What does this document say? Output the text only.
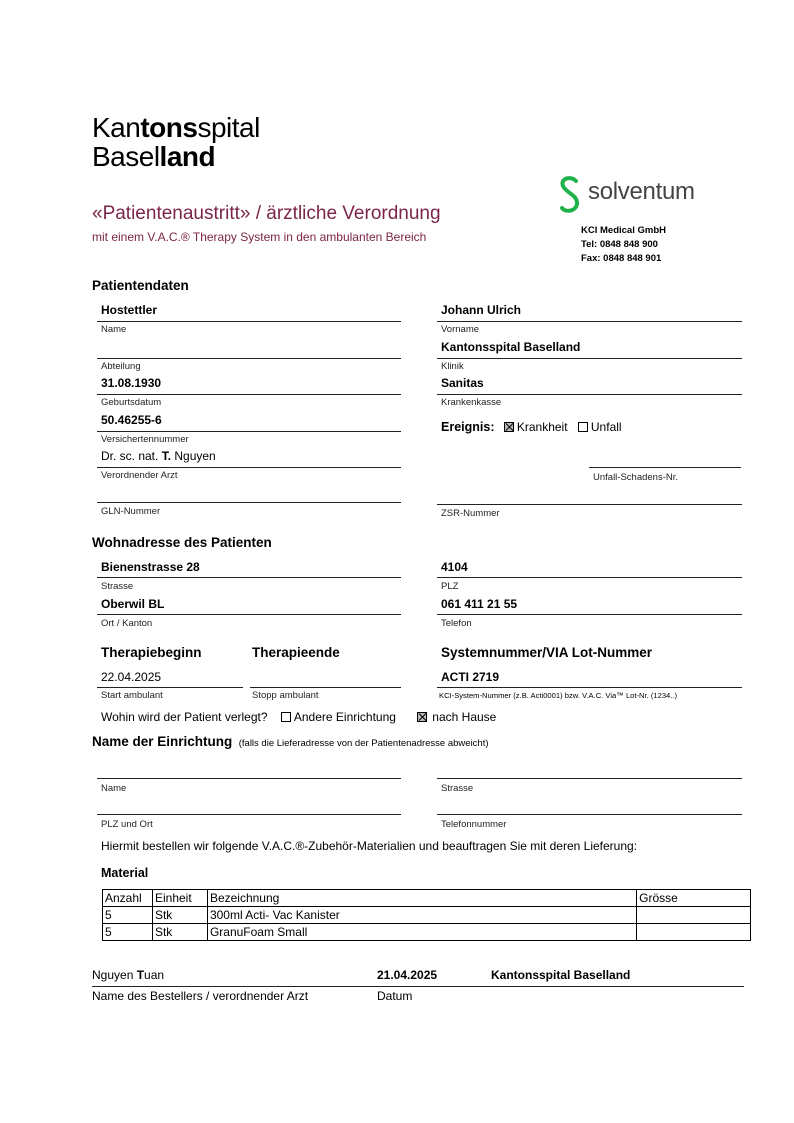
Kantonsspital
Baselland
solventum
«Patientenaustritt» / ärztliche Verordnung
mit einem V.A.C.® Therapy System in den ambulanten Bereich	KCI Medical GmbH
Tel: 0848 848 900
Fax: 0848 848 901
Patientendaten
Hostettler
Name
Johann Ulrich
Vorname
Abteilung
Kantonsspital Baselland
Klinik
31.08.1930
Geburtsdatum
Sanitas
Krankenkasse
50.46255-6
Versichertennummer
Ereignis: Krankheit Unfall
Dr. sc. nat. T. Nguyen
Verordnender Arzt	Unfall-Schadens-Nr.
GLN-Nummer	ZSR-Nummer
Wohnadresse des Patienten
Bienenstrasse 28
Strasse
4104
PLZ
Oberwil BL
Ort / Kanton
061 411 21 55
Telefon
Therapiebeginn	Therapieende	Systemnummer/VIA Lot-Nummer
22.04.2025
Start ambulant	Stopp ambulant
ACTI 2719
KCI-System-Nummer (z.B. Acti0001) bzw. V.A.C. Via™ Lot-Nr. (1234..)
Wohin wird der Patient verlegt? Andere Einrichtung	nach Hause
Name der Einrichtung (falls die Lieferadresse von der Patientenadresse abweicht)
Name	Strasse
PLZ und Ort	Telefonnummer
Hiermit bestellen wir folgende V.A.C.®-Zubehör-Materialien und beauftragen Sie mit deren Lieferung:
Material
Anzahl	Einheit	Bezeichnung	Grösse
5	Stk	300ml Acti- Vac Kanister	
5	Stk	GranuFoam Small	
Nguyen Tuan	21.04.2025	Kantonsspital Baselland
Name des Bestellers / verordnender Arzt	Datum
